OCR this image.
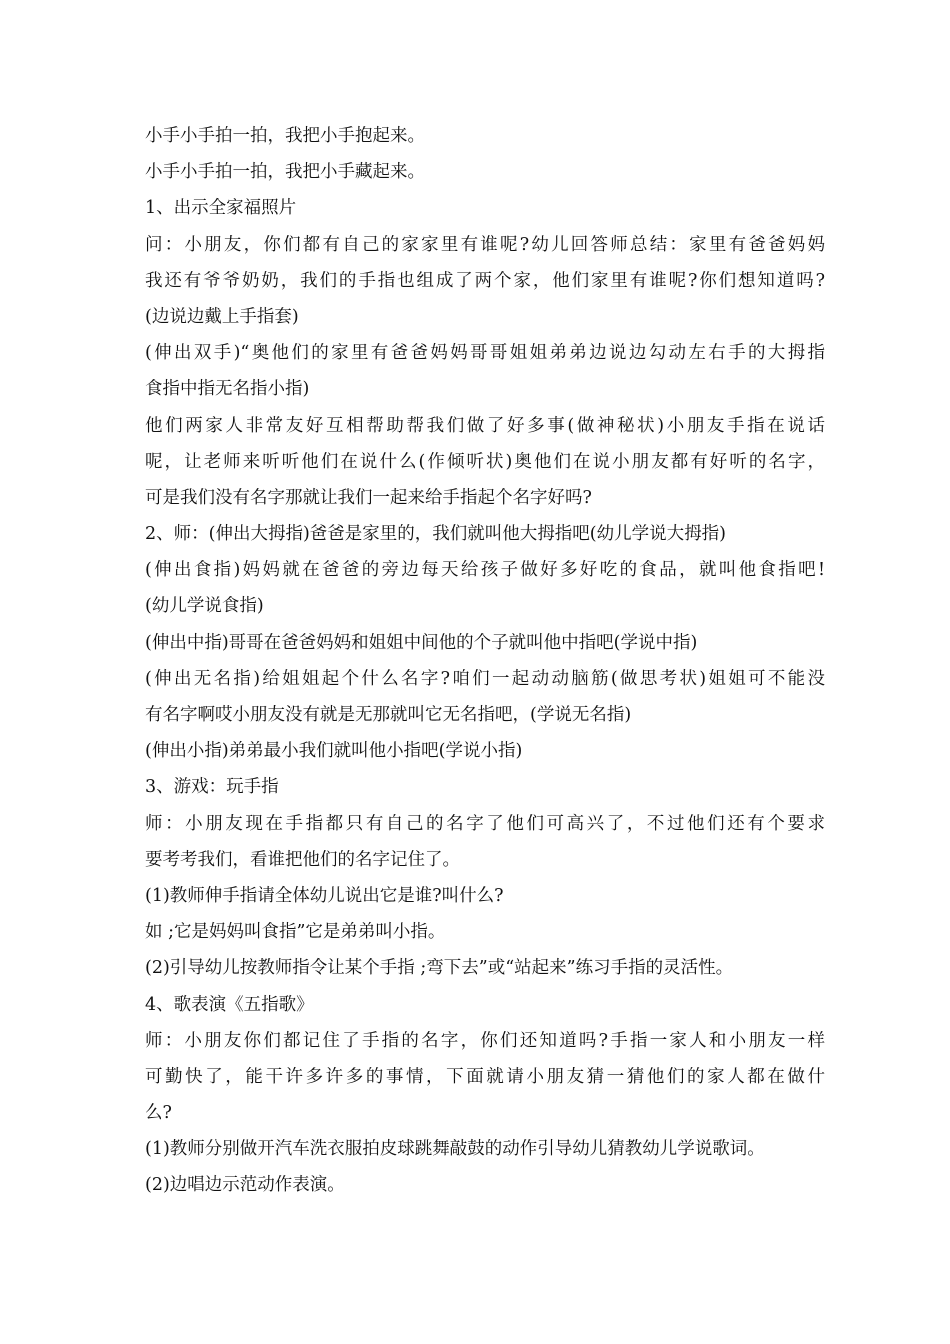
小手小手拍一拍，我把小手抱起来。
小手小手拍一拍，我把小手藏起来。
1、出示全家福照片
问：小朋友，你们都有自己的家家里有谁呢?幼儿回答师总结：家里有爸爸妈妈
我还有爷爷奶奶，我们的手指也组成了两个家，他们家里有谁呢?你们想知道吗?
(边说边戴上手指套)
(伸出双手)“奥他们的家里有爸爸妈妈哥哥姐姐弟弟边说边勾动左右手的大拇指
食指中指无名指小指)
他们两家人非常友好互相帮助帮我们做了好多事(做神秘状)小朋友手指在说话
呢，让老师来听听他们在说什么(作倾听状)奥他们在说小朋友都有好听的名字，
可是我们没有名字那就让我们一起来给手指起个名字好吗?
2、师：(伸出大拇指)爸爸是家里的，我们就叫他大拇指吧(幼儿学说大拇指)
(伸出食指)妈妈就在爸爸的旁边每天给孩子做好多好吃的食品，就叫他食指吧!
(幼儿学说食指)
(伸出中指)哥哥在爸爸妈妈和姐姐中间他的个子就叫他中指吧(学说中指)
(伸出无名指)给姐姐起个什么名字?咱们一起动动脑筋(做思考状)姐姐可不能没
有名字啊哎小朋友没有就是无那就叫它无名指吧，(学说无名指)
(伸出小指)弟弟最小我们就叫他小指吧(学说小指)
3、游戏：玩手指
师：小朋友现在手指都只有自己的名字了他们可高兴了，不过他们还有个要求
要考考我们，看谁把他们的名字记住了。
(1)教师伸手指请全体幼儿说出它是谁?叫什么?
如 ;它是妈妈叫食指”它是弟弟叫小指。
(2)引导幼儿按教师指令让某个手指 ;弯下去”或“站起来”练习手指的灵活性。
4、歌表演《五指歌》
师：小朋友你们都记住了手指的名字，你们还知道吗?手指一家人和小朋友一样
可勤快了，能干许多许多的事情，下面就请小朋友猜一猜他们的家人都在做什
么?
(1)教师分别做开汽车洗衣服拍皮球跳舞敲鼓的动作引导幼儿猜教幼儿学说歌词。
(2)边唱边示范动作表演。
